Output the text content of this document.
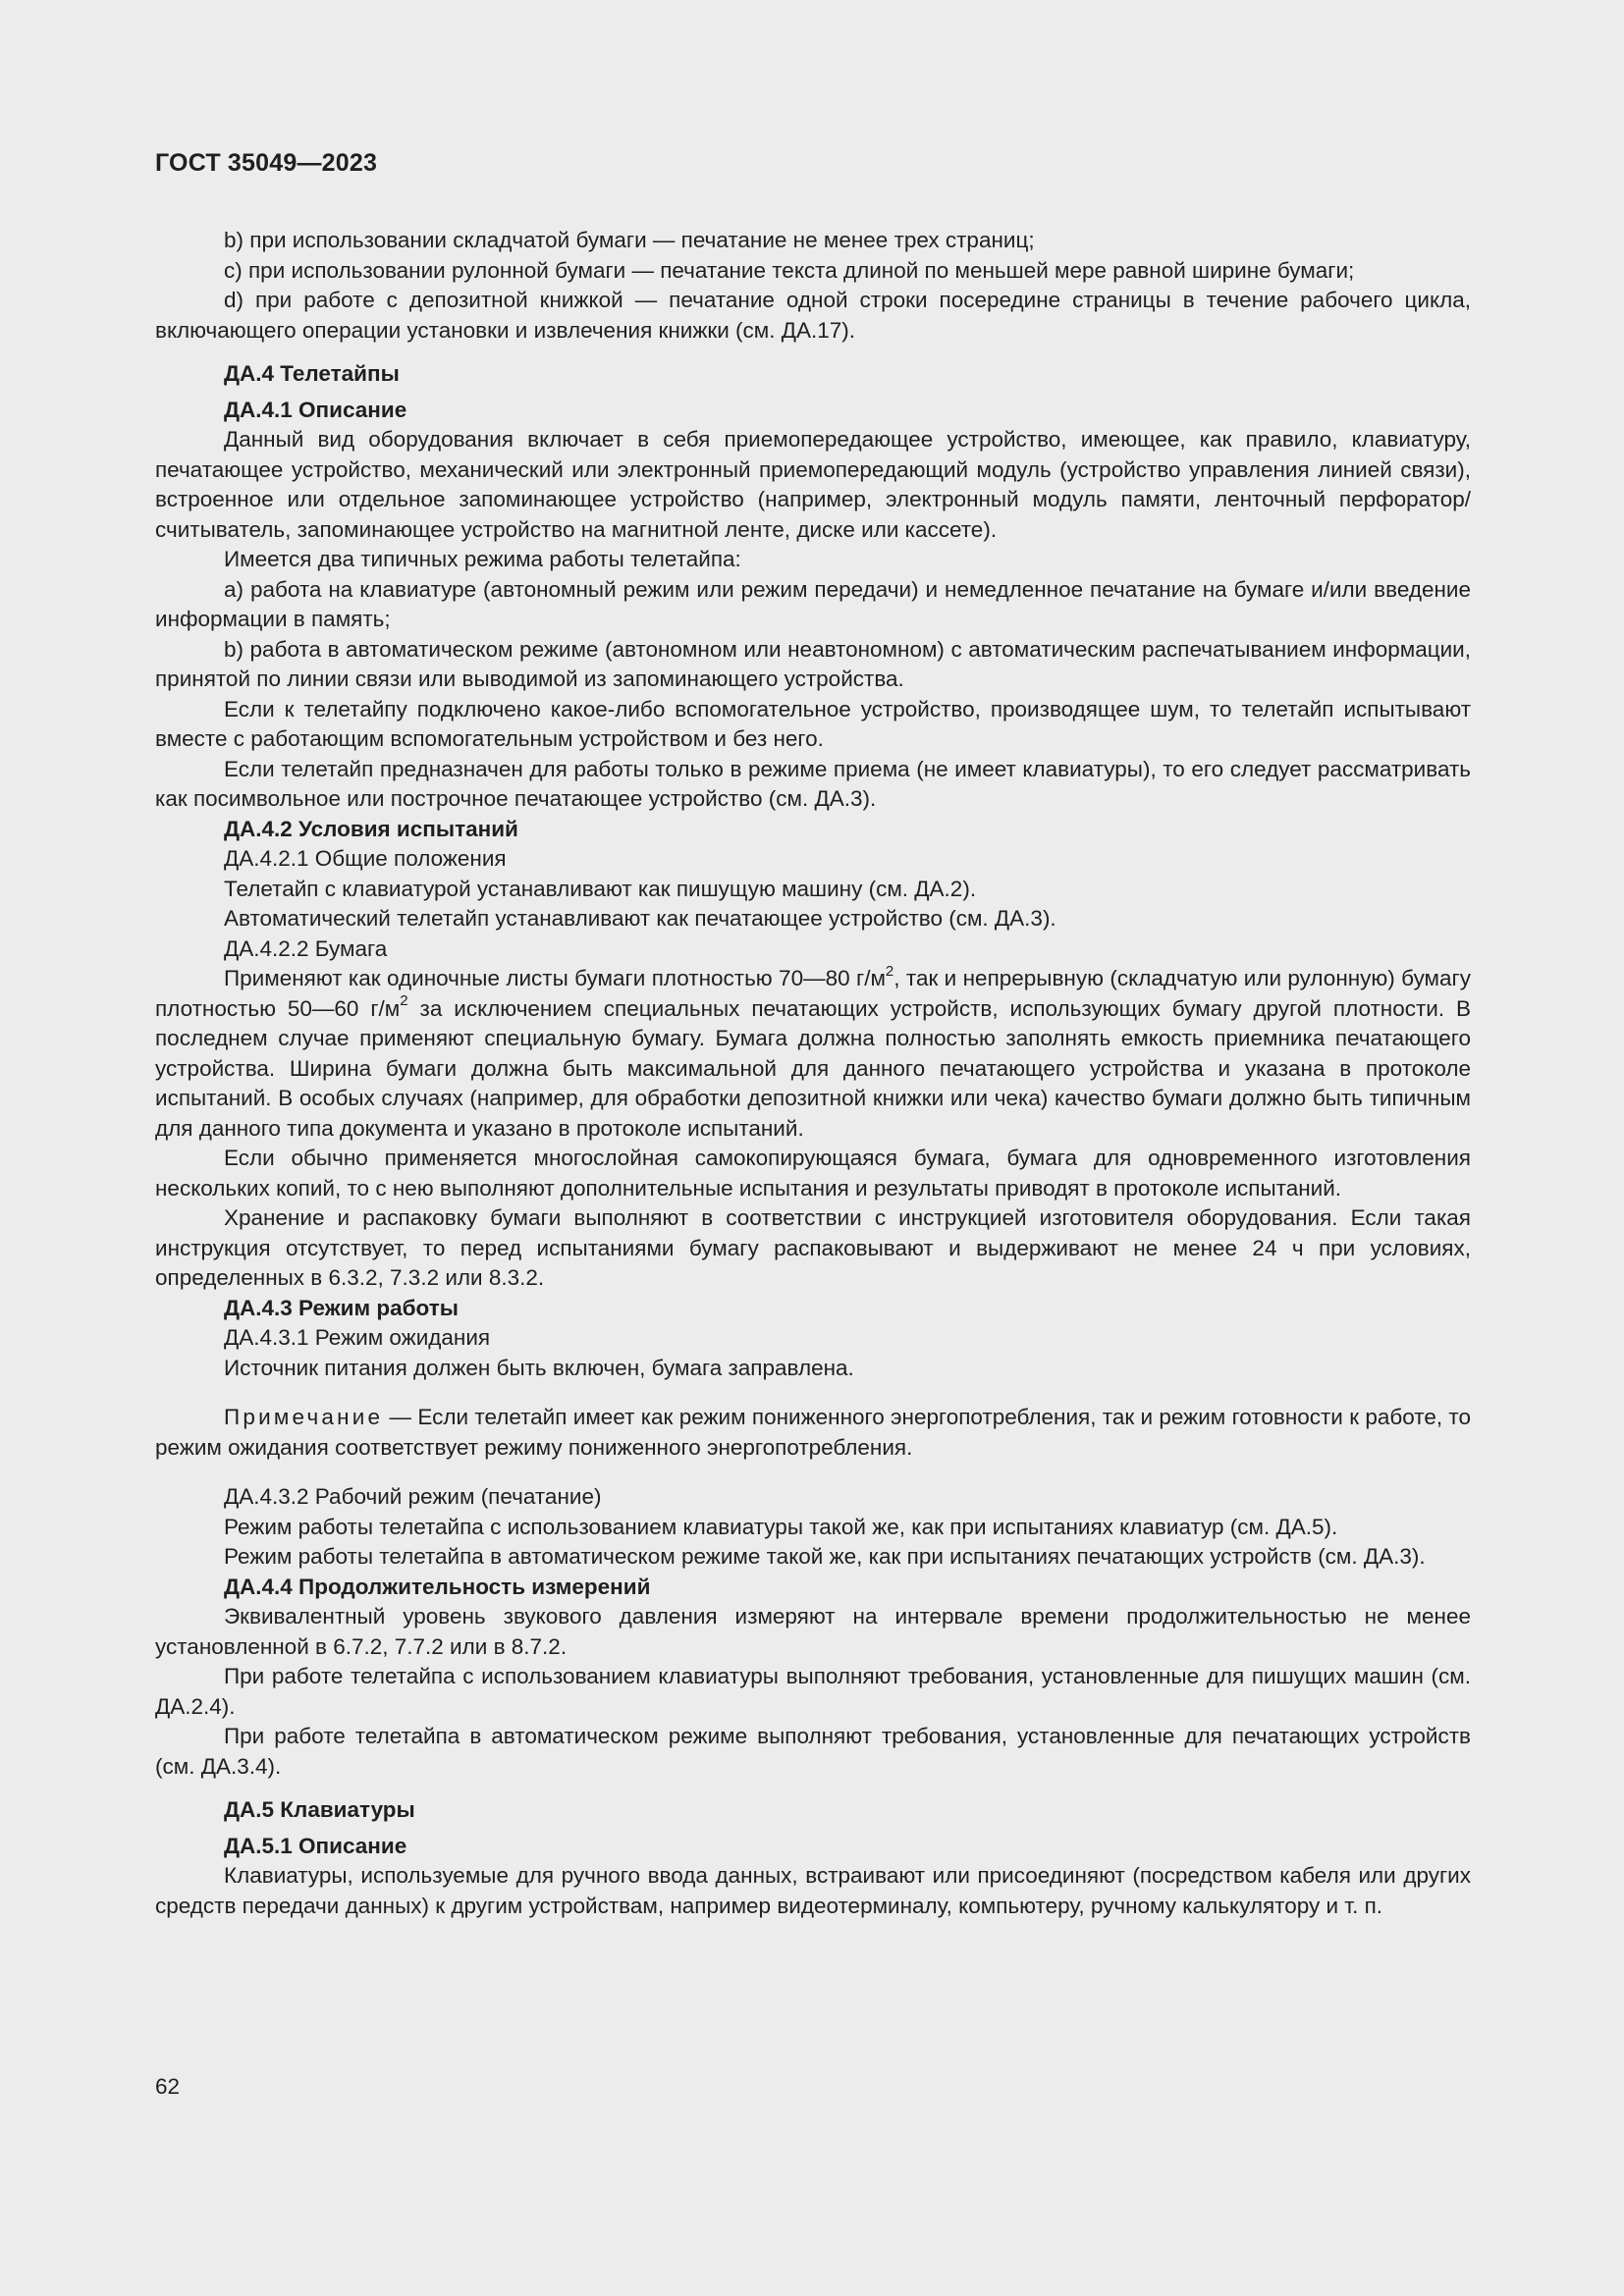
ГОСТ 35049—2023

b) при использовании складчатой бумаги — печатание не менее трех страниц;

c) при использовании рулонной бумаги — печатание текста длиной по меньшей мере равной ширине бумаги;

d) при работе с депозитной книжкой — печатание одной строки посередине страницы в течение рабочего цикла, включающего операции установки и извлечения книжки (см. ДА.17).

ДА.4 Телетайпы
ДА.4.1 Описание

Данный вид оборудования включает в себя приемопередающее устройство, имеющее, как правило, клавиатуру, печатающее устройство, механический или электронный приемопередающий модуль (устройство управления линией связи), встроенное или отдельное запоминающее устройство (например, электронный модуль памяти, ленточный перфоратор/считыватель, запоминающее устройство на магнитной ленте, диске или кассете).

Имеется два типичных режима работы телетайпа:

a) работа на клавиатуре (автономный режим или режим передачи) и немедленное печатание на бумаге и/или введение информации в память;

b) работа в автоматическом режиме (автономном или неавтономном) с автоматическим распечатыванием информации, принятой по линии связи или выводимой из запоминающего устройства.

Если к телетайпу подключено какое-либо вспомогательное устройство, производящее шум, то телетайп испытывают вместе с работающим вспомогательным устройством и без него.

Если телетайп предназначен для работы только в режиме приема (не имеет клавиатуры), то его следует рассматривать как посимвольное или построчное печатающее устройство (см. ДА.3).

ДА.4.2 Условия испытаний

ДА.4.2.1 Общие положения

Телетайп с клавиатурой устанавливают как пишущую машину (см. ДА.2).

Автоматический телетайп устанавливают как печатающее устройство (см. ДА.3).

ДА.4.2.2 Бумага

Применяют как одиночные листы бумаги плотностью 70—80 $г/м^2$, так и непрерывную (складчатую или рулонную) бумагу плотностью 50—60 $г/м^2$ за исключением специальных печатающих устройств, использующих бумагу другой плотности. В последнем случае применяют специальную бумагу. Бумага должна полностью заполнять емкость приемника печатающего устройства. Ширина бумаги должна быть максимальной для данного печатающего устройства и указана в протоколе испытаний. В особых случаях (например, для обработки депозитной книжки или чека) качество бумаги должно быть типичным для данного типа документа и указано в протоколе испытаний.

Если обычно применяется многослойная самокопирующаяся бумага, бумага для одновременного изготовления нескольких копий, то с нею выполняют дополнительные испытания и результаты приводят в протоколе испытаний.

Хранение и распаковку бумаги выполняют в соответствии с инструкцией изготовителя оборудования. Если такая инструкция отсутствует, то перед испытаниями бумагу распаковывают и выдерживают не менее 24 ч при условиях, определенных в 6.3.2, 7.3.2 или 8.3.2.

ДА.4.3 Режим работы

ДА.4.3.1 Режим ожидания

Источник питания должен быть включен, бумага заправлена.

Примечание — Если телетайп имеет как режим пониженного энергопотребления, так и режим готовности к работе, то режим ожидания соответствует режиму пониженного энергопотребления.

ДА.4.3.2 Рабочий режим (печатание)

Режим работы телетайпа с использованием клавиатуры такой же, как при испытаниях клавиатур (см. ДА.5).

Режим работы телетайпа в автоматическом режиме такой же, как при испытаниях печатающих устройств (см. ДА.3).

ДА.4.4 Продолжительность измерений

Эквивалентный уровень звукового давления измеряют на интервале времени продолжительностью не менее установленной в 6.7.2, 7.7.2 или в 8.7.2.

При работе телетайпа с использованием клавиатуры выполняют требования, установленные для пишущих машин (см. ДА.2.4).

При работе телетайпа в автоматическом режиме выполняют требования, установленные для печатающих устройств (см. ДА.3.4).

ДА.5 Клавиатуры
ДА.5.1 Описание

Клавиатуры, используемые для ручного ввода данных, встраивают или присоединяют (посредством кабеля или других средств передачи данных) к другим устройствам, например видеотерминалу, компьютеру, ручному калькулятору и т. п.

62
